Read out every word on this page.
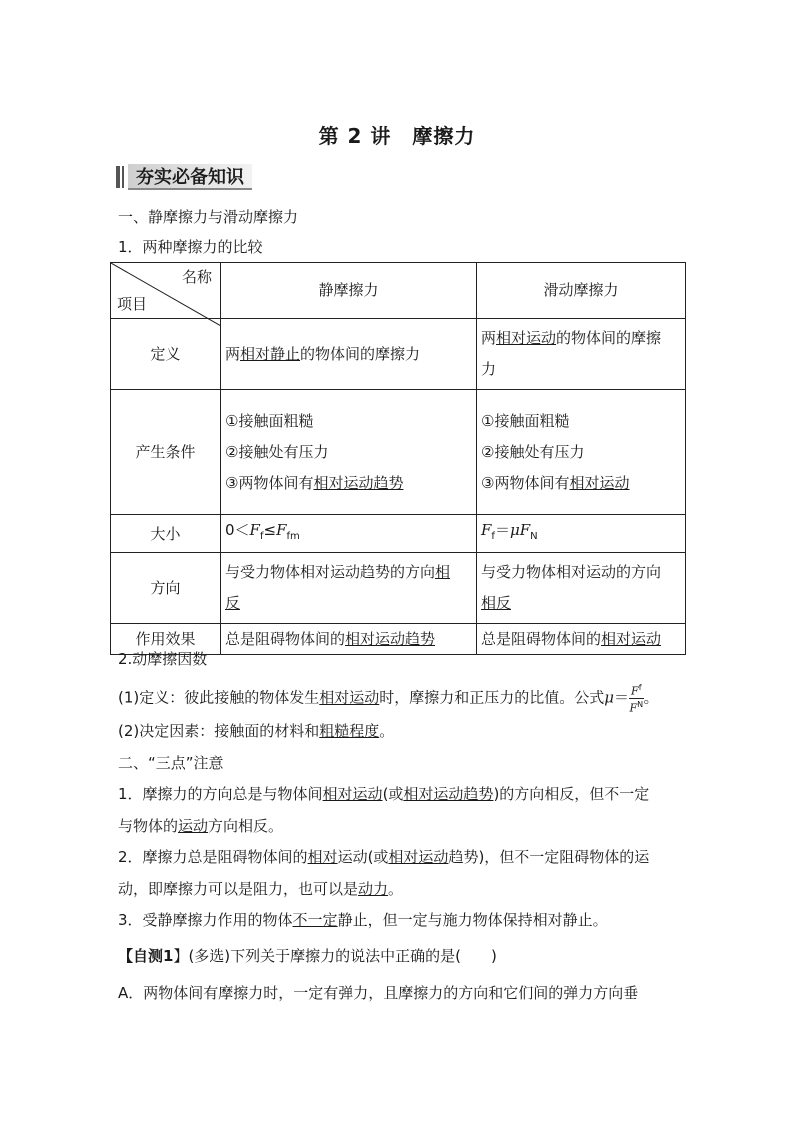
第 2 讲　摩擦力
夯实必备知识
一、静摩擦力与滑动摩擦力
1．两种摩擦力的比较
名称
项目	静摩擦力	滑动摩擦力
定义	两相对静止的物体间的摩擦力	两相对运动的物体间的摩擦
力

产生条件	①接触面粗糙
②接触处有压力
③两物体间有相对运动趋势	①接触面粗糙
②接触处有压力
③两物体间有相对运动

大小	$0<F_f\le F_{fm}$	$F_f=\mu F_N$
方向	与受力物体相对运动趋势的方向相
反	与受力物体相对运动的方向
相反

作用效果	总是阻碍物体间的相对运动趋势	总是阻碍物体间的相对运动
2.动摩擦因数
(1)定义：彼此接触的物体发生相对运动时，摩擦力和正压力的比值。公式$\mu= \frac{F^f}{F^N}$ 。
(2)决定因素：接触面的材料和粗糙程度。
二、“三点”注意
1．摩擦力的方向总是与物体间相对运动(或相对运动趋势)的方向相反，但不一定
与物体的运动方向相反。
2．摩擦力总是阻碍物体间的相对运动(或相对运动趋势)，但不一定阻碍物体的运
动，即摩擦力可以是阻力，也可以是动力。
3．受静摩擦力作用的物体不一定静止，但一定与施力物体保持相对静止。
【自测1】(多选)下列关于摩擦力的说法中正确的是(　　)
A．两物体间有摩擦力时，一定有弹力，且摩擦力的方向和它们间的弹力方向垂
